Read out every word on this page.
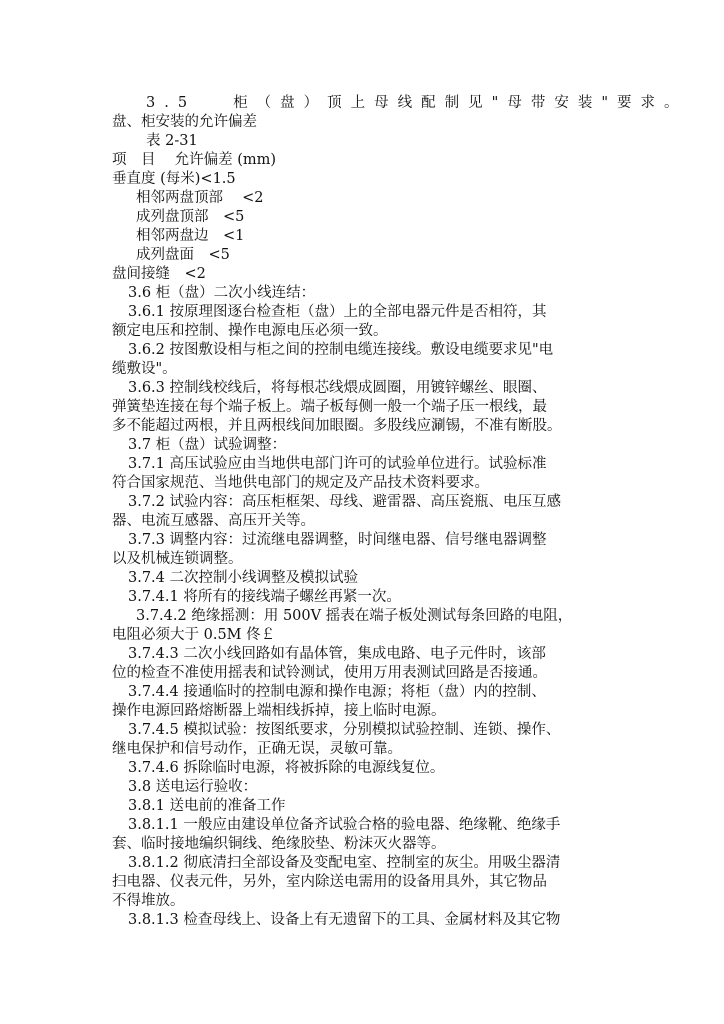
3.5　 柜（盘）顶上母线配制见"母带安装"要求。
盘、柜安装的允许偏差
表 2-31
项　目　 允许偏差 (mm)
垂直度 (每米)<1.5
相邻两盘顶部　 <2
成列盘顶部　<5
相邻两盘边　<1
成列盘面　<5
盘间接缝　<2
3.6 柜（盘）二次小线连结：
3.6.1 按原理图逐台检查柜（盘）上的全部电器元件是否相符，其
额定电压和控制、操作电源电压必须一致。
3.6.2 按图敷设相与柜之间的控制电缆连接线。敷设电缆要求见"电
缆敷设"。
3.6.3 控制线校线后，将每根芯线煨成圆圈，用镀锌螺丝、眼圈、
弹簧垫连接在每个端子板上。端子板每侧一般一个端子压一根线，最
多不能超过两根，并且两根线间加眼圈。多股线应涮锡，不准有断股。
3.7 柜（盘）试验调整：
3.7.1 高压试验应由当地供电部门许可的试验单位进行。试验标准
符合国家规范、当地供电部门的规定及产品技术资料要求。
3.7.2 试验内容：高压柜框架、母线、避雷器、高压瓷瓶、电压互感
器、电流互感器、高压开关等。
3.7.3 调整内容：过流继电器调整，时间继电器、信号继电器调整
以及机械连锁调整。
3.7.4 二次控制小线调整及模拟试验
3.7.4.1 将所有的接线端子螺丝再紧一次。
3.7.4.2 绝缘摇测：用 500V 摇表在端子板处测试每条回路的电阻，
电阻必须大于 0.5M 佟￡
3.7.4.3 二次小线回路如有晶体管，集成电路、电子元件时，该部
位的检查不准使用摇表和试铃测试，使用万用表测试回路是否接通。
3.7.4.4 接通临时的控制电源和操作电源；将柜（盘）内的控制、
操作电源回路熔断器上端相线拆掉，接上临时电源。
3.7.4.5 模拟试验：按图纸要求，分别模拟试验控制、连锁、操作、
继电保护和信号动作，正确无误，灵敏可靠。
3.7.4.6 拆除临时电源，将被拆除的电源线复位。
3.8 送电运行验收：
3.8.1 送电前的准备工作
3.8.1.1 一般应由建设单位备齐试验合格的验电器、绝缘靴、绝缘手
套、临时接地编织铜线、绝缘胶垫、粉沫灭火器等。
3.8.1.2 彻底清扫全部设备及变配电室、控制室的灰尘。用吸尘器清
扫电器、仪表元件，另外，室内除送电需用的设备用具外，其它物品
不得堆放。
3.8.1.3 检查母线上、设备上有无遗留下的工具、金属材料及其它物
